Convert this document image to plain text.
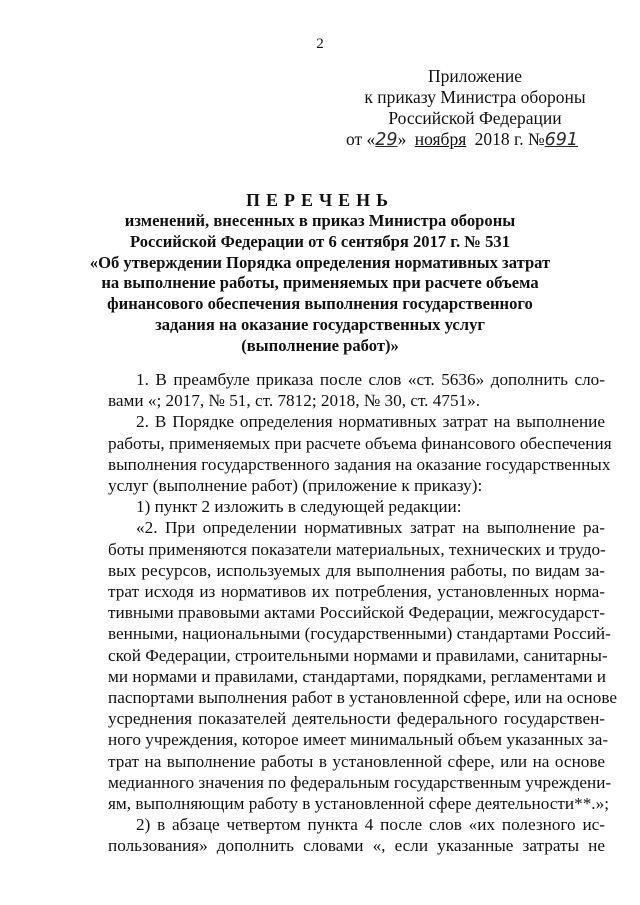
2
Приложение
к приказу Министра обороны
Российской Федерации
от «29» ноября 2018 г. №691
ПЕРЕЧЕНЬ
изменений, внесенных в приказ Министра обороны
Российской Федерации от 6 сентября 2017 г. № 531
«Об утверждении Порядка определения нормативных затрат
на выполнение работы, применяемых при расчете объема
финансового обеспечения выполнения государственного
задания на оказание государственных услуг
(выполнение работ)»
1. В преамбуле приказа после слов «ст. 5636» дополнить сло-
вами «; 2017, № 51, ст. 7812; 2018, № 30, ст. 4751».
2. В Порядке определения нормативных затрат на выполнение
работы, применяемых при расчете объема финансового обеспечения
выполнения государственного задания на оказание государственных
услуг (выполнение работ) (приложение к приказу):
1) пункт 2 изложить в следующей редакции:
«2. При определении нормативных затрат на выполнение ра-
боты применяются показатели материальных, технических и трудо-
вых ресурсов, используемых для выполнения работы, по видам за-
трат исходя из нормативов их потребления, установленных норма-
тивными правовыми актами Российской Федерации, межгосударст-
венными, национальными (государственными) стандартами Россий-
ской Федерации, строительными нормами и правилами, санитарны-
ми нормами и правилами, стандартами, порядками, регламентами и
паспортами выполнения работ в установленной сфере, или на основе
усреднения показателей деятельности федерального государствен-
ного учреждения, которое имеет минимальный объем указанных за-
трат на выполнение работы в установленной сфере, или на основе
медианного значения по федеральным государственным учреждени-
ям, выполняющим работу в установленной сфере деятельности**.»;
2) в абзаце четвертом пункта 4 после слов «их полезного ис-
пользования» дополнить словами «, если указанные затраты не
